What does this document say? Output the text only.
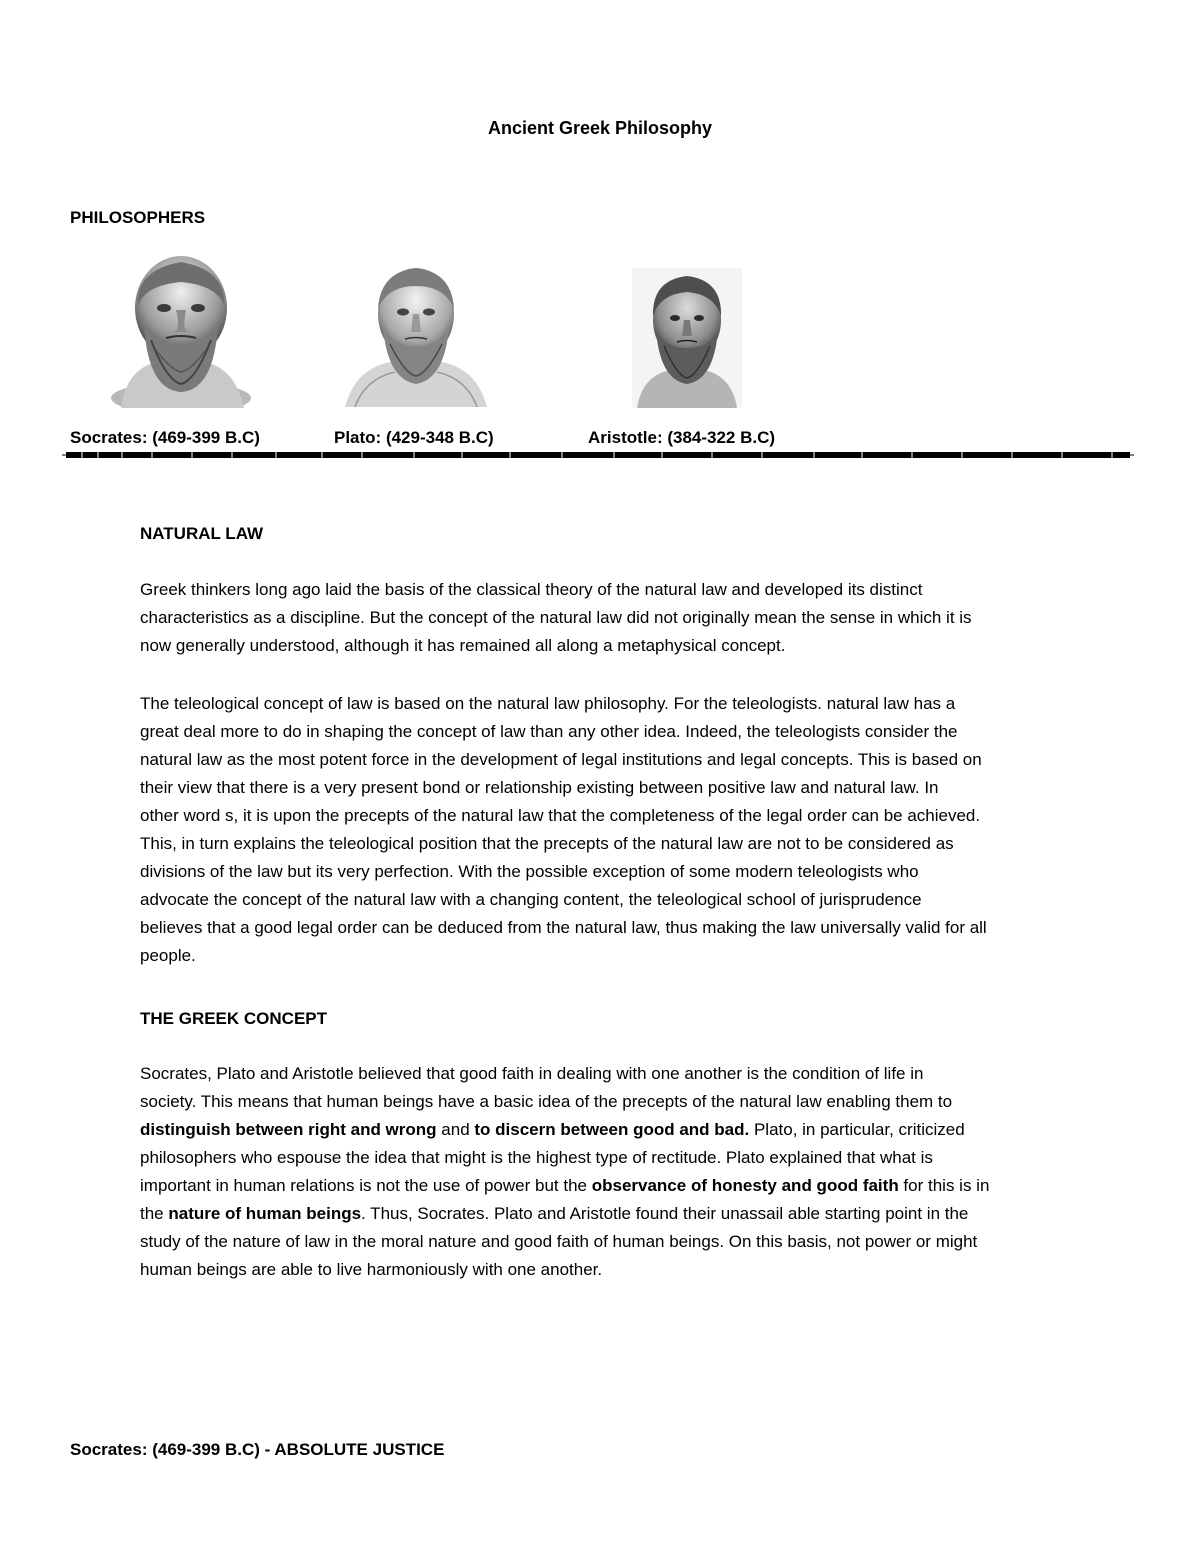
Ancient Greek Philosophy
PHILOSOPHERS
Socrates: (469-399 B.C)	Plato: (429-348 B.C)	Aristotle: (384-322 B.C)
NATURAL LAW

Greek thinkers long ago laid the basis of the classical theory of the natural law and developed its distinct
characteristics as a discipline. But the concept of the natural law did not originally mean the sense in which it is
now generally understood, although it has remained all along a metaphysical concept.

The teleological concept of law is based on the natural law philosophy. For the teleologists. natural law has a
great deal more to do in shaping the concept of law than any other idea. Indeed, the teleologists consider the
natural law as the most potent force in the development of legal institutions and legal concepts. This is based on
their view that there is a very present bond or relationship existing between positive law and natural law. In
other word s, it is upon the precepts of the natural law that the completeness of the legal order can be achieved.
This, in turn explains the teleological position that the precepts of the natural law are not to be considered as
divisions of the law but its very perfection. With the possible exception of some modern teleologists who
advocate the concept of the natural law with a changing content, the teleological school of jurisprudence
believes that a good legal order can be deduced from the natural law, thus making the law universally valid for all
people.

THE GREEK CONCEPT

Socrates, Plato and Aristotle believed that good faith in dealing with one another is the condition of life in
society. This means that human beings have a basic idea of the precepts of the natural law enabling them to
distinguish between right and wrong and to discern between good and bad. Plato, in particular, criticized
philosophers who espouse the idea that might is the highest type of rectitude. Plato explained that what is
important in human relations is not the use of power but the observance of honesty and good faith for this is in
the nature of human beings. Thus, Socrates. Plato and Aristotle found their unassail able starting point in the
study of the nature of law in the moral nature and good faith of human beings. On this basis, not power or might
human beings are able to live harmoniously with one another.

Socrates: (469-399 B.C) - ABSOLUTE JUSTICE
